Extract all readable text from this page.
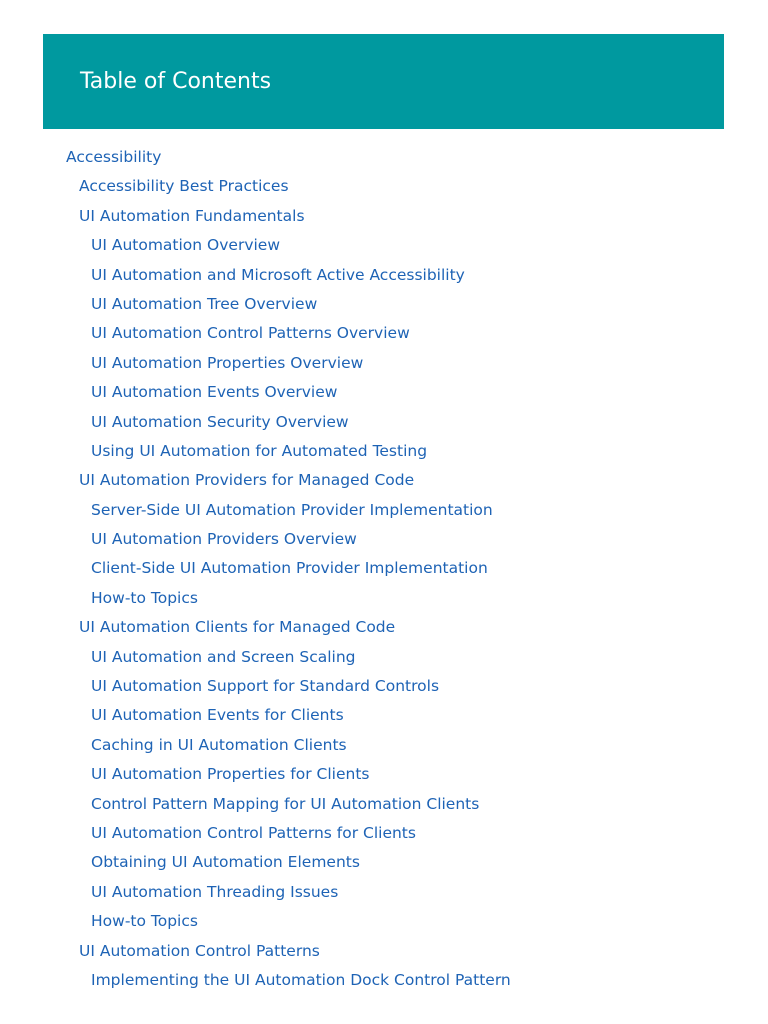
Table of Contents
Accessibility
Accessibility Best Practices
UI Automation Fundamentals
UI Automation Overview
UI Automation and Microsoft Active Accessibility
UI Automation Tree Overview
UI Automation Control Patterns Overview
UI Automation Properties Overview
UI Automation Events Overview
UI Automation Security Overview
Using UI Automation for Automated Testing
UI Automation Providers for Managed Code
Server-Side UI Automation Provider Implementation
UI Automation Providers Overview
Client-Side UI Automation Provider Implementation
How-to Topics
UI Automation Clients for Managed Code
UI Automation and Screen Scaling
UI Automation Support for Standard Controls
UI Automation Events for Clients
Caching in UI Automation Clients
UI Automation Properties for Clients
Control Pattern Mapping for UI Automation Clients
UI Automation Control Patterns for Clients
Obtaining UI Automation Elements
UI Automation Threading Issues
How-to Topics
UI Automation Control Patterns
Implementing the UI Automation Dock Control Pattern
